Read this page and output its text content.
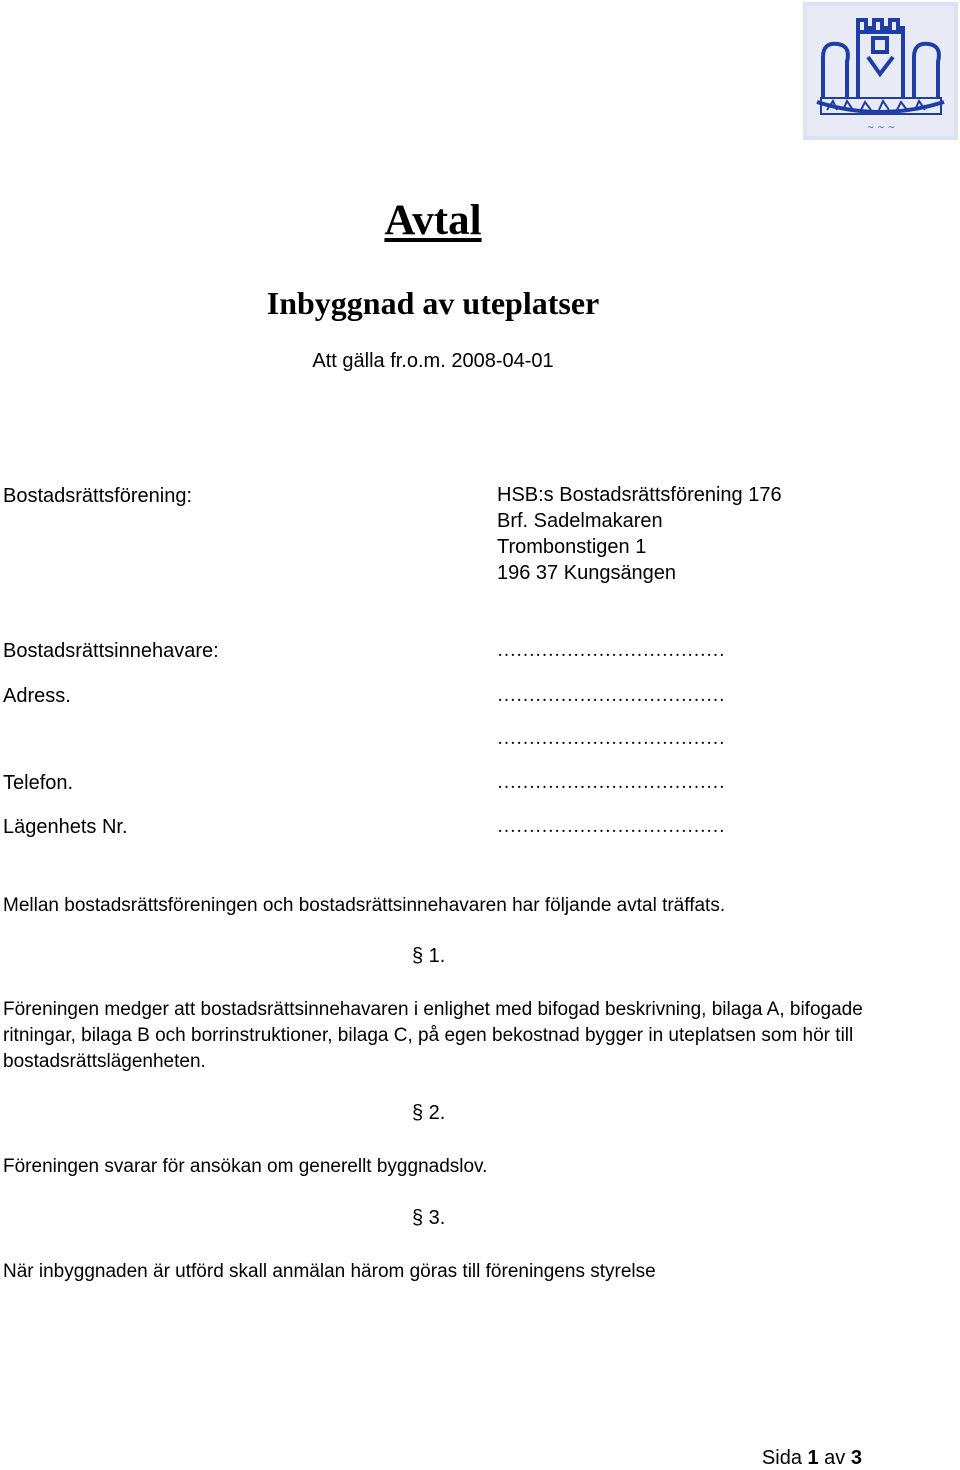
~ ~ ~
Avtal
Inbyggnad av uteplatser
Att gälla fr.o.m. 2008-04-01
Bostadsrättsförening:	HSB:s Bostadsrättsförening 176
Brf. Sadelmakaren
Trombonstigen 1
196 37 Kungsängen
Bostadsrättsinnehavare:	………………………………
Adress.	………………………………
………………………………
Telefon.	………………………………
Lägenhets Nr.	………………………………
Mellan bostadsrättsföreningen och bostadsrättsinnehavaren har följande avtal träffats.
§ 1.
Föreningen medger att bostadsrättsinnehavaren i enlighet med bifogad beskrivning, bilaga A, bifogade ritningar, bilaga B och borrinstruktioner, bilaga C, på egen bekostnad bygger in uteplatsen som hör till bostadsrättslägenheten.
§ 2.
Föreningen svarar för ansökan om generellt byggnadslov.
§ 3.
När inbyggnaden är utförd skall anmälan härom göras till föreningens styrelse
Sida 1 av 3
